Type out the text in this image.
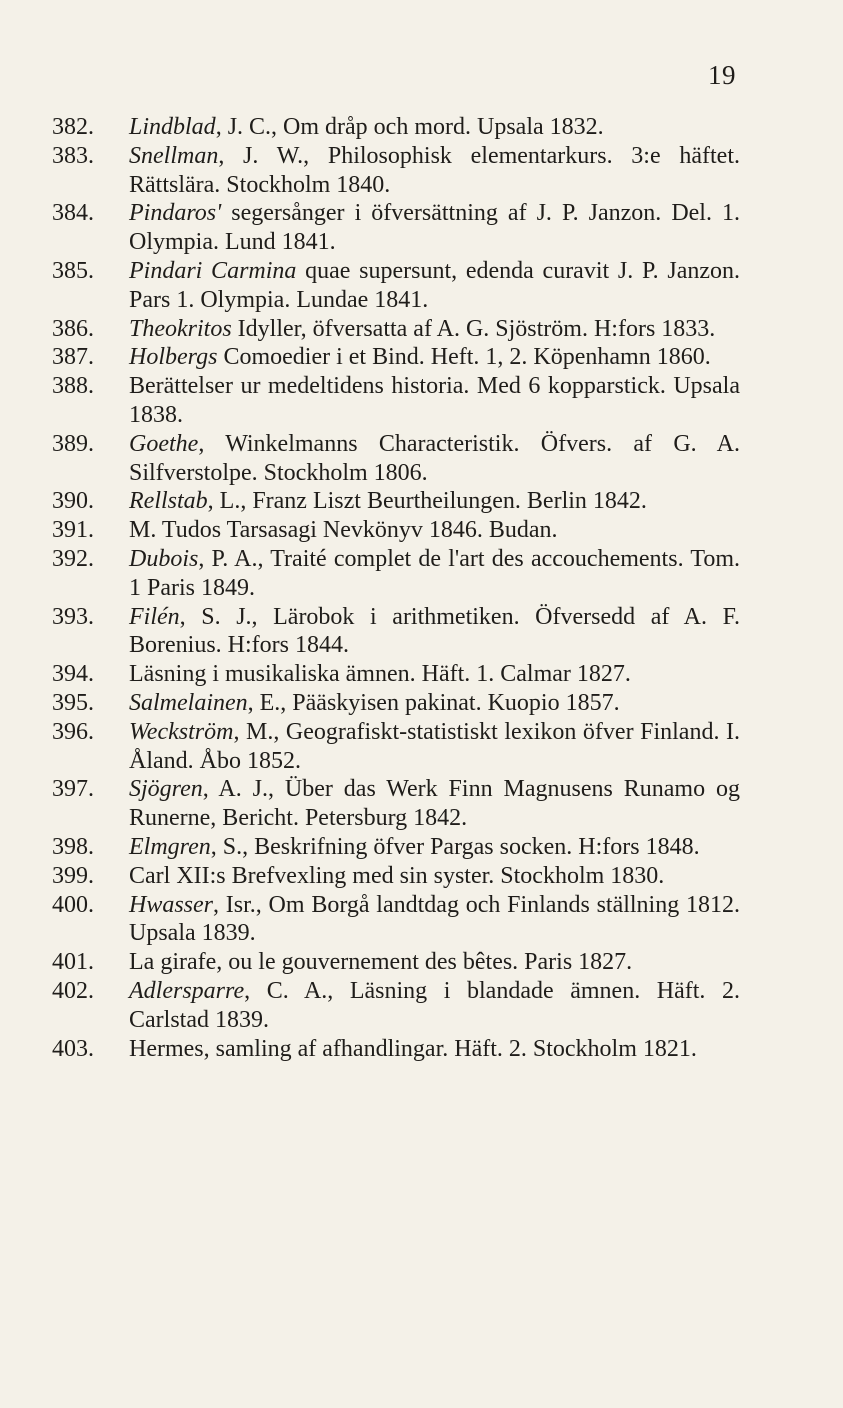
19
382.	Lindblad, J. C., Om dråp och mord. Upsala 1832.
383.	Snellman, J. W., Philosophisk elementarkurs. 3:e häftet. Rättslära. Stockholm 1840.
384.	Pindaros' segersånger i öfversättning af J. P. Janzon. Del. 1. Olympia. Lund 1841.
385.	Pindari Carmina quae supersunt, edenda curavit J. P. Janzon. Pars 1. Olympia. Lundae 1841.
386.	Theokritos Idyller, öfversatta af A. G. Sjöström. H:fors 1833.
387.	Holbergs Comoedier i et Bind. Heft. 1, 2. Köpenhamn 1860.
388.	Berättelser ur medeltidens historia. Med 6 kopparstick. Upsala 1838.
389.	Goethe, Winkelmanns Characteristik. Öfvers. af G. A. Silfverstolpe. Stockholm 1806.
390.	Rellstab, L., Franz Liszt Beurtheilungen. Berlin 1842.
391.	M. Tudos Tarsasagi Nevkönyv 1846. Budan.
392.	Dubois, P. A., Traité complet de l'art des accouchements. Tom. 1 Paris 1849.
393.	Filén, S. J., Lärobok i arithmetiken. Öfversedd af A. F. Borenius. H:fors 1844.
394.	Läsning i musikaliska ämnen. Häft. 1. Calmar 1827.
395.	Salmelainen, E., Pääskyisen pakinat. Kuopio 1857.
396.	Weckström, M., Geografiskt-statistiskt lexikon öfver Finland. I. Åland. Åbo 1852.
397.	Sjögren, A. J., Über das Werk Finn Magnusens Runamo og Runerne, Bericht. Petersburg 1842.
398.	Elmgren, S., Beskrifning öfver Pargas socken. H:fors 1848.
399.	Carl XII:s Brefvexling med sin syster. Stockholm 1830.
400.	Hwasser, Isr., Om Borgå landtdag och Finlands ställning 1812. Upsala 1839.
401.	La girafe, ou le gouvernement des bêtes. Paris 1827.
402.	Adlersparre, C. A., Läsning i blandade ämnen. Häft. 2. Carlstad 1839.
403.	Hermes, samling af afhandlingar. Häft. 2. Stockholm 1821.
